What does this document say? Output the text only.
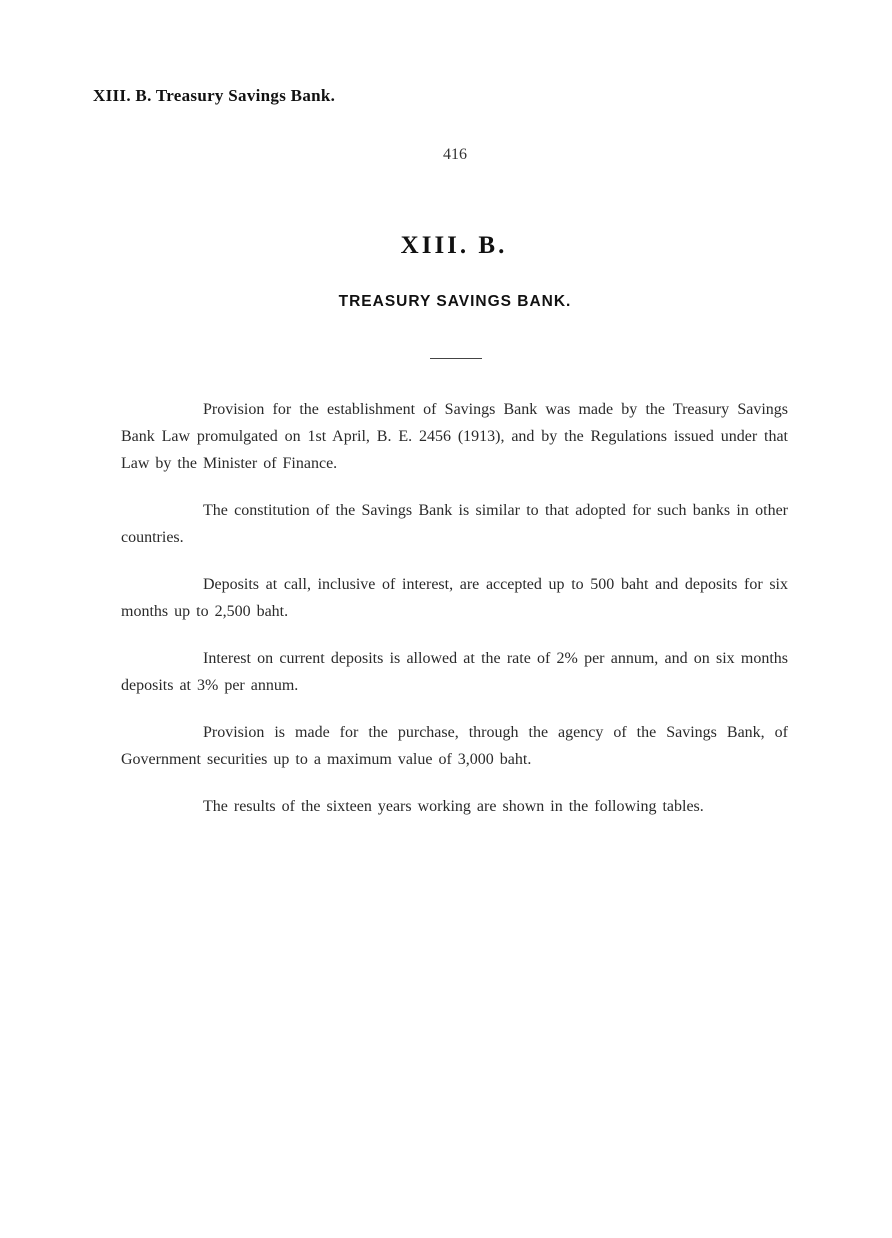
XIII. B. Treasury Savings Bank.

416

XIII. B.
TREASURY SAVINGS BANK.

Provision for the establishment of Savings Bank was made by the Treasury Savings Bank Law promulgated on 1st April, B. E. 2456 (1913), and by the Regulations issued under that Law by the Minister of Finance.

The constitution of the Savings Bank is similar to that adopted for such banks in other countries.

Deposits at call, inclusive of interest, are accepted up to 500 baht and deposits for six months up to 2,500 baht.

Interest on current deposits is allowed at the rate of 2% per annum, and on six months deposits at 3% per annum.

Provision is made for the purchase, through the agency of the Savings Bank, of Government securities up to a maximum value of 3,000 baht.

The results of the sixteen years working are shown in the following tables.
